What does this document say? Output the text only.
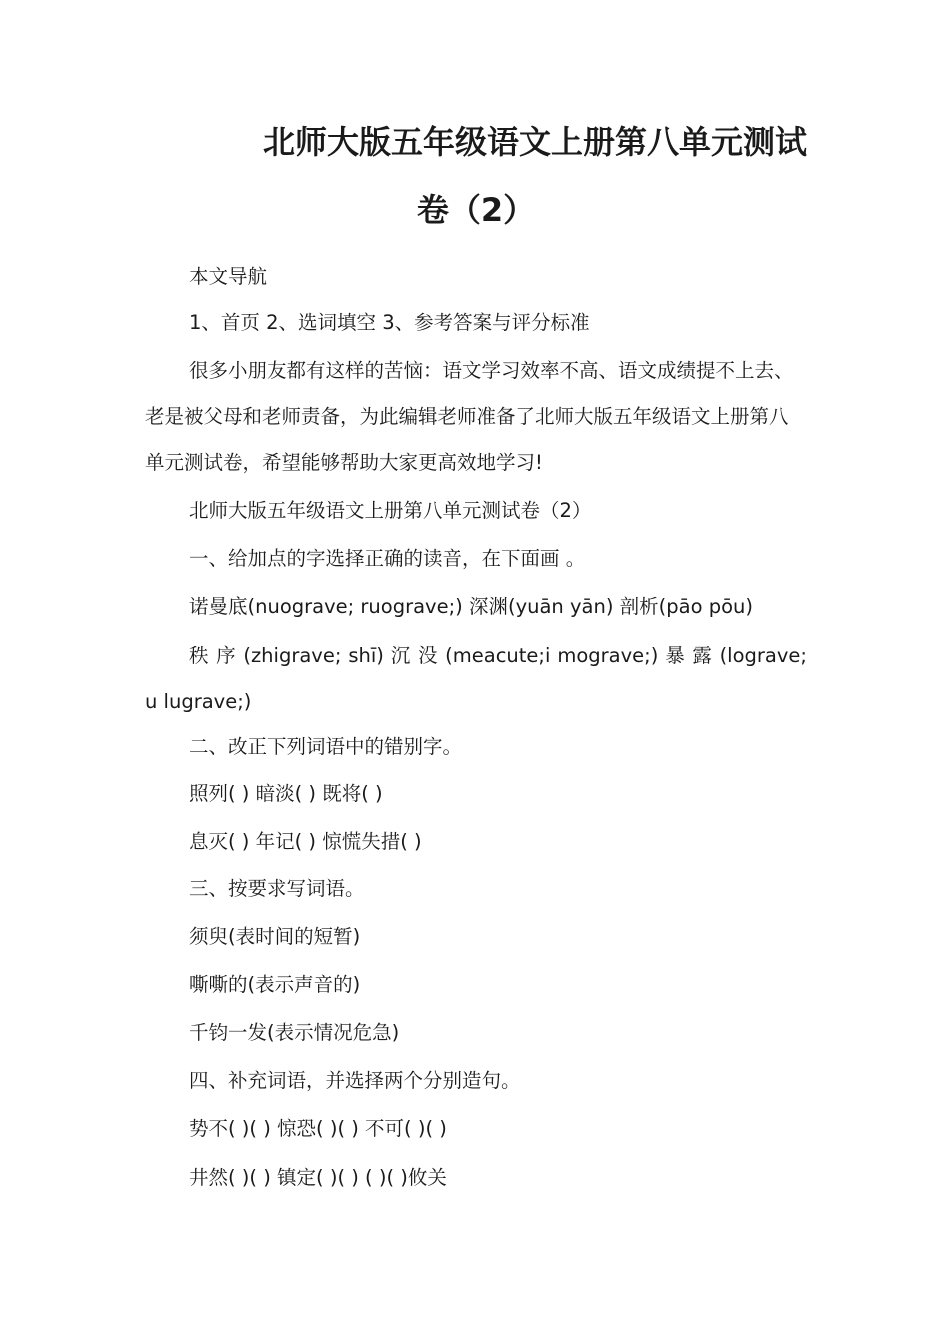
北师大版五年级语文上册第八单元测试
卷（2）

本文导航

1、首页 2、选词填空 3、参考答案与评分标准

很多小朋友都有这样的苦恼：语文学习效率不高、语文成绩提不上去、老是被父母和老师责备，为此编辑老师准备了北师大版五年级语文上册第八单元测试卷，希望能够帮助大家更高效地学习!

北师大版五年级语文上册第八单元测试卷（2）

一、给加点的字选择正确的读音，在下面画 。

诺曼底(nuograve; ruograve;) 深渊(yuān yān) 剖析(pāo pōu)

秩 序 (zhigrave; shī) 沉 没 (meacute;i mograve;) 暴 露 (lograve;u lugrave;)

二、改正下列词语中的错别字。

照列( ) 暗淡( ) 既将( )

息灭( ) 年记( ) 惊慌失措( )

三、按要求写词语。

须臾(表时间的短暂)

嘶嘶的(表示声音的)

千钧一发(表示情况危急)

四、补充词语，并选择两个分别造句。

势不( )( ) 惊恐( )( ) 不可( )( )

井然( )( ) 镇定( )( ) ( )( )攸关
